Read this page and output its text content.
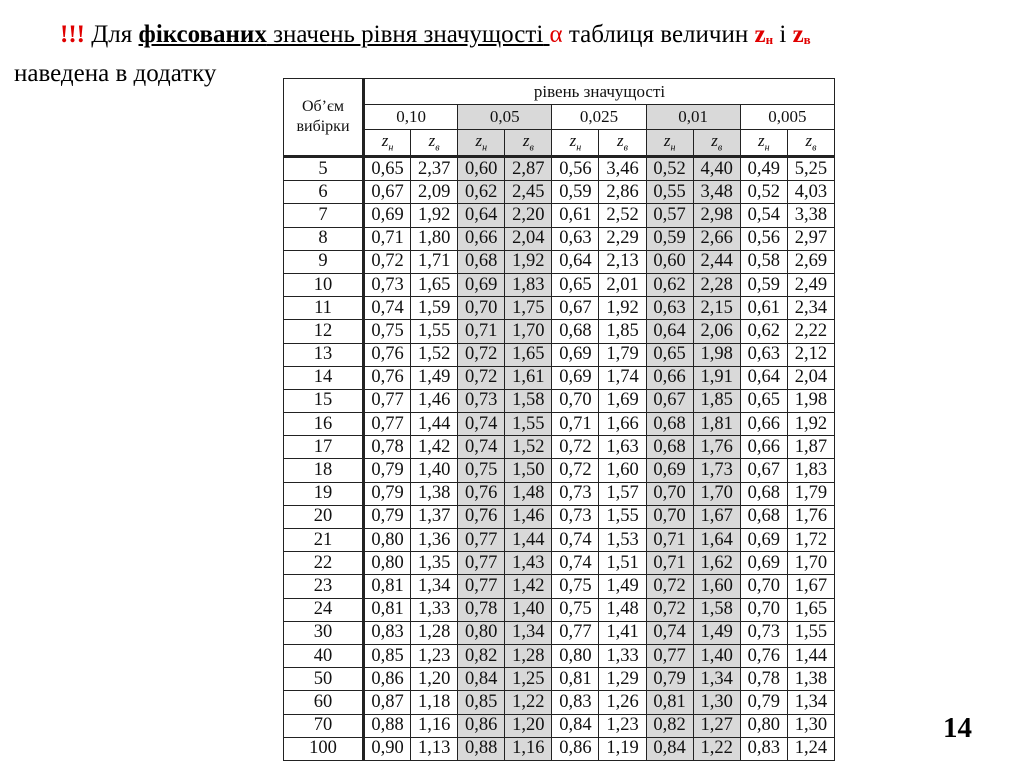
!!! Для фіксованих значень рівня значущості α таблиця величин $z_н$ і $z_в$
наведена в додатку
Об’єм вибірки	рівень значущості									
	0,10		0,05		0,025		0,01		0,005	
	$z_н$	$z_в$	$z_н$	$z_в$	$z_н$	$z_в$	$z_н$	$z_в$	$z_н$	$z_в$
5	0,65	2,37	0,60	2,87	0,56	3,46	0,52	4,40	0,49	5,25
6	0,67	2,09	0,62	2,45	0,59	2,86	0,55	3,48	0,52	4,03
7	0,69	1,92	0,64	2,20	0,61	2,52	0,57	2,98	0,54	3,38
8	0,71	1,80	0,66	2,04	0,63	2,29	0,59	2,66	0,56	2,97
9	0,72	1,71	0,68	1,92	0,64	2,13	0,60	2,44	0,58	2,69
10	0,73	1,65	0,69	1,83	0,65	2,01	0,62	2,28	0,59	2,49
11	0,74	1,59	0,70	1,75	0,67	1,92	0,63	2,15	0,61	2,34
12	0,75	1,55	0,71	1,70	0,68	1,85	0,64	2,06	0,62	2,22
13	0,76	1,52	0,72	1,65	0,69	1,79	0,65	1,98	0,63	2,12
14	0,76	1,49	0,72	1,61	0,69	1,74	0,66	1,91	0,64	2,04
15	0,77	1,46	0,73	1,58	0,70	1,69	0,67	1,85	0,65	1,98
16	0,77	1,44	0,74	1,55	0,71	1,66	0,68	1,81	0,66	1,92
17	0,78	1,42	0,74	1,52	0,72	1,63	0,68	1,76	0,66	1,87
18	0,79	1,40	0,75	1,50	0,72	1,60	0,69	1,73	0,67	1,83
19	0,79	1,38	0,76	1,48	0,73	1,57	0,70	1,70	0,68	1,79
20	0,79	1,37	0,76	1,46	0,73	1,55	0,70	1,67	0,68	1,76
21	0,80	1,36	0,77	1,44	0,74	1,53	0,71	1,64	0,69	1,72
22	0,80	1,35	0,77	1,43	0,74	1,51	0,71	1,62	0,69	1,70
23	0,81	1,34	0,77	1,42	0,75	1,49	0,72	1,60	0,70	1,67
24	0,81	1,33	0,78	1,40	0,75	1,48	0,72	1,58	0,70	1,65
30	0,83	1,28	0,80	1,34	0,77	1,41	0,74	1,49	0,73	1,55
40	0,85	1,23	0,82	1,28	0,80	1,33	0,77	1,40	0,76	1,44
50	0,86	1,20	0,84	1,25	0,81	1,29	0,79	1,34	0,78	1,38
60	0,87	1,18	0,85	1,22	0,83	1,26	0,81	1,30	0,79	1,34
70	0,88	1,16	0,86	1,20	0,84	1,23	0,82	1,27	0,80	1,30
100	0,90	1,13	0,88	1,16	0,86	1,19	0,84	1,22	0,83	1,24
14
